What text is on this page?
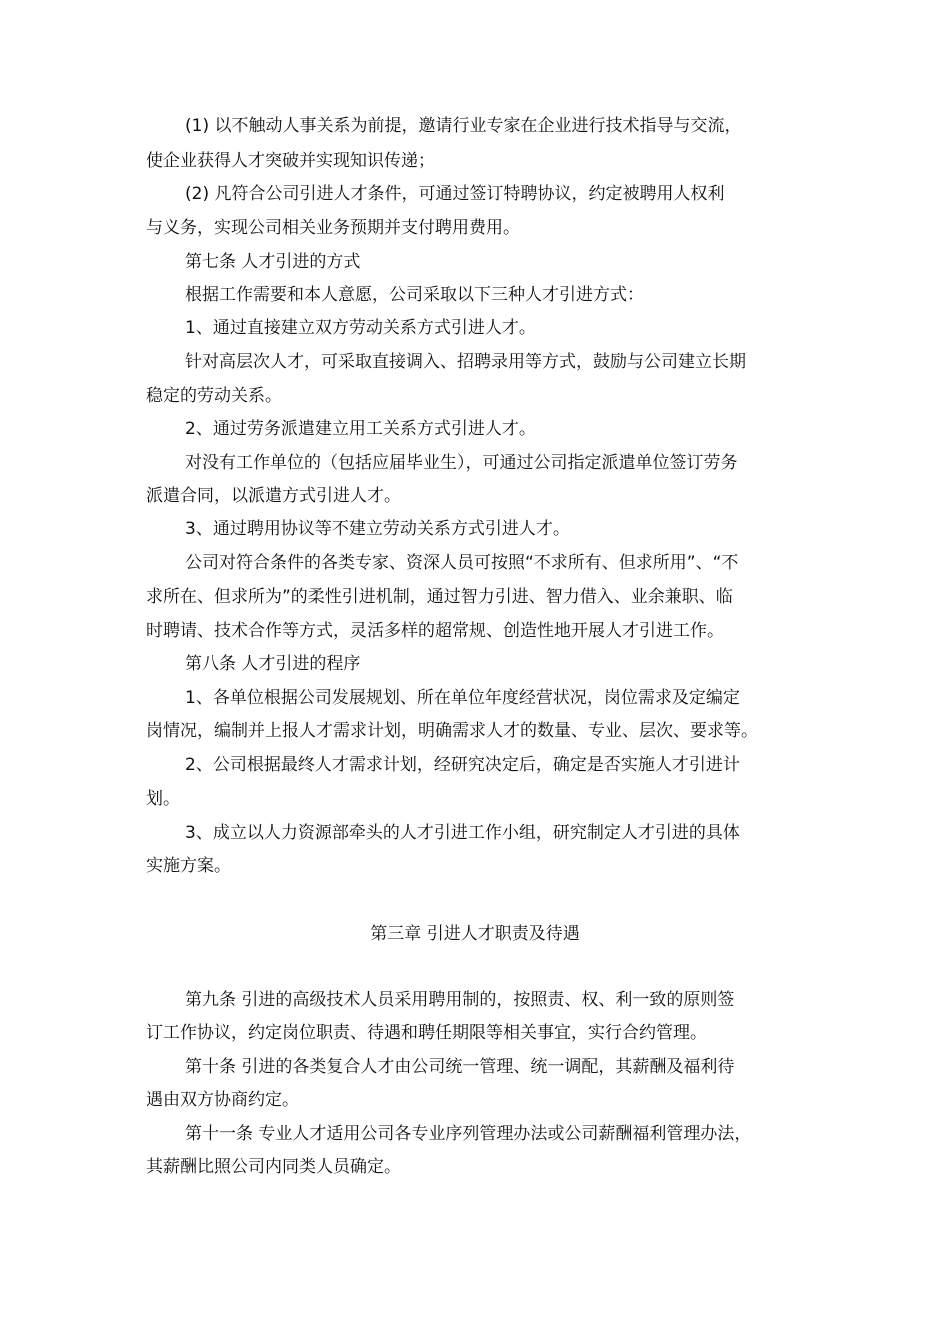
(1) 以不触动人事关系为前提，邀请行业专家在企业进行技术指导与交流，
使企业获得人才突破并实现知识传递；
(2) 凡符合公司引进人才条件，可通过签订特聘协议，约定被聘用人权利
与义务，实现公司相关业务预期并支付聘用费用。
第七条 人才引进的方式
根据工作需要和本人意愿，公司采取以下三种人才引进方式：
1、通过直接建立双方劳动关系方式引进人才。
针对高层次人才，可采取直接调入、招聘录用等方式，鼓励与公司建立长期
稳定的劳动关系。
2、通过劳务派遣建立用工关系方式引进人才。
对没有工作单位的（包括应届毕业生），可通过公司指定派遣单位签订劳务
派遣合同，以派遣方式引进人才。
3、通过聘用协议等不建立劳动关系方式引进人才。
公司对符合条件的各类专家、资深人员可按照“不求所有、但求所用”、“不
求所在、但求所为”的柔性引进机制，通过智力引进、智力借入、业余兼职、临
时聘请、技术合作等方式，灵活多样的超常规、创造性地开展人才引进工作。
第八条 人才引进的程序
1、各单位根据公司发展规划、所在单位年度经营状况，岗位需求及定编定
岗情况，编制并上报人才需求计划，明确需求人才的数量、专业、层次、要求等。
2、公司根据最终人才需求计划，经研究决定后，确定是否实施人才引进计
划。
3、成立以人力资源部牵头的人才引进工作小组，研究制定人才引进的具体
实施方案。
第三章 引进人才职责及待遇
第九条 引进的高级技术人员采用聘用制的，按照责、权、利一致的原则签
订工作协议，约定岗位职责、待遇和聘任期限等相关事宜，实行合约管理。
第十条 引进的各类复合人才由公司统一管理、统一调配，其薪酬及福利待
遇由双方协商约定。
第十一条 专业人才适用公司各专业序列管理办法或公司薪酬福利管理办法，
其薪酬比照公司内同类人员确定。
